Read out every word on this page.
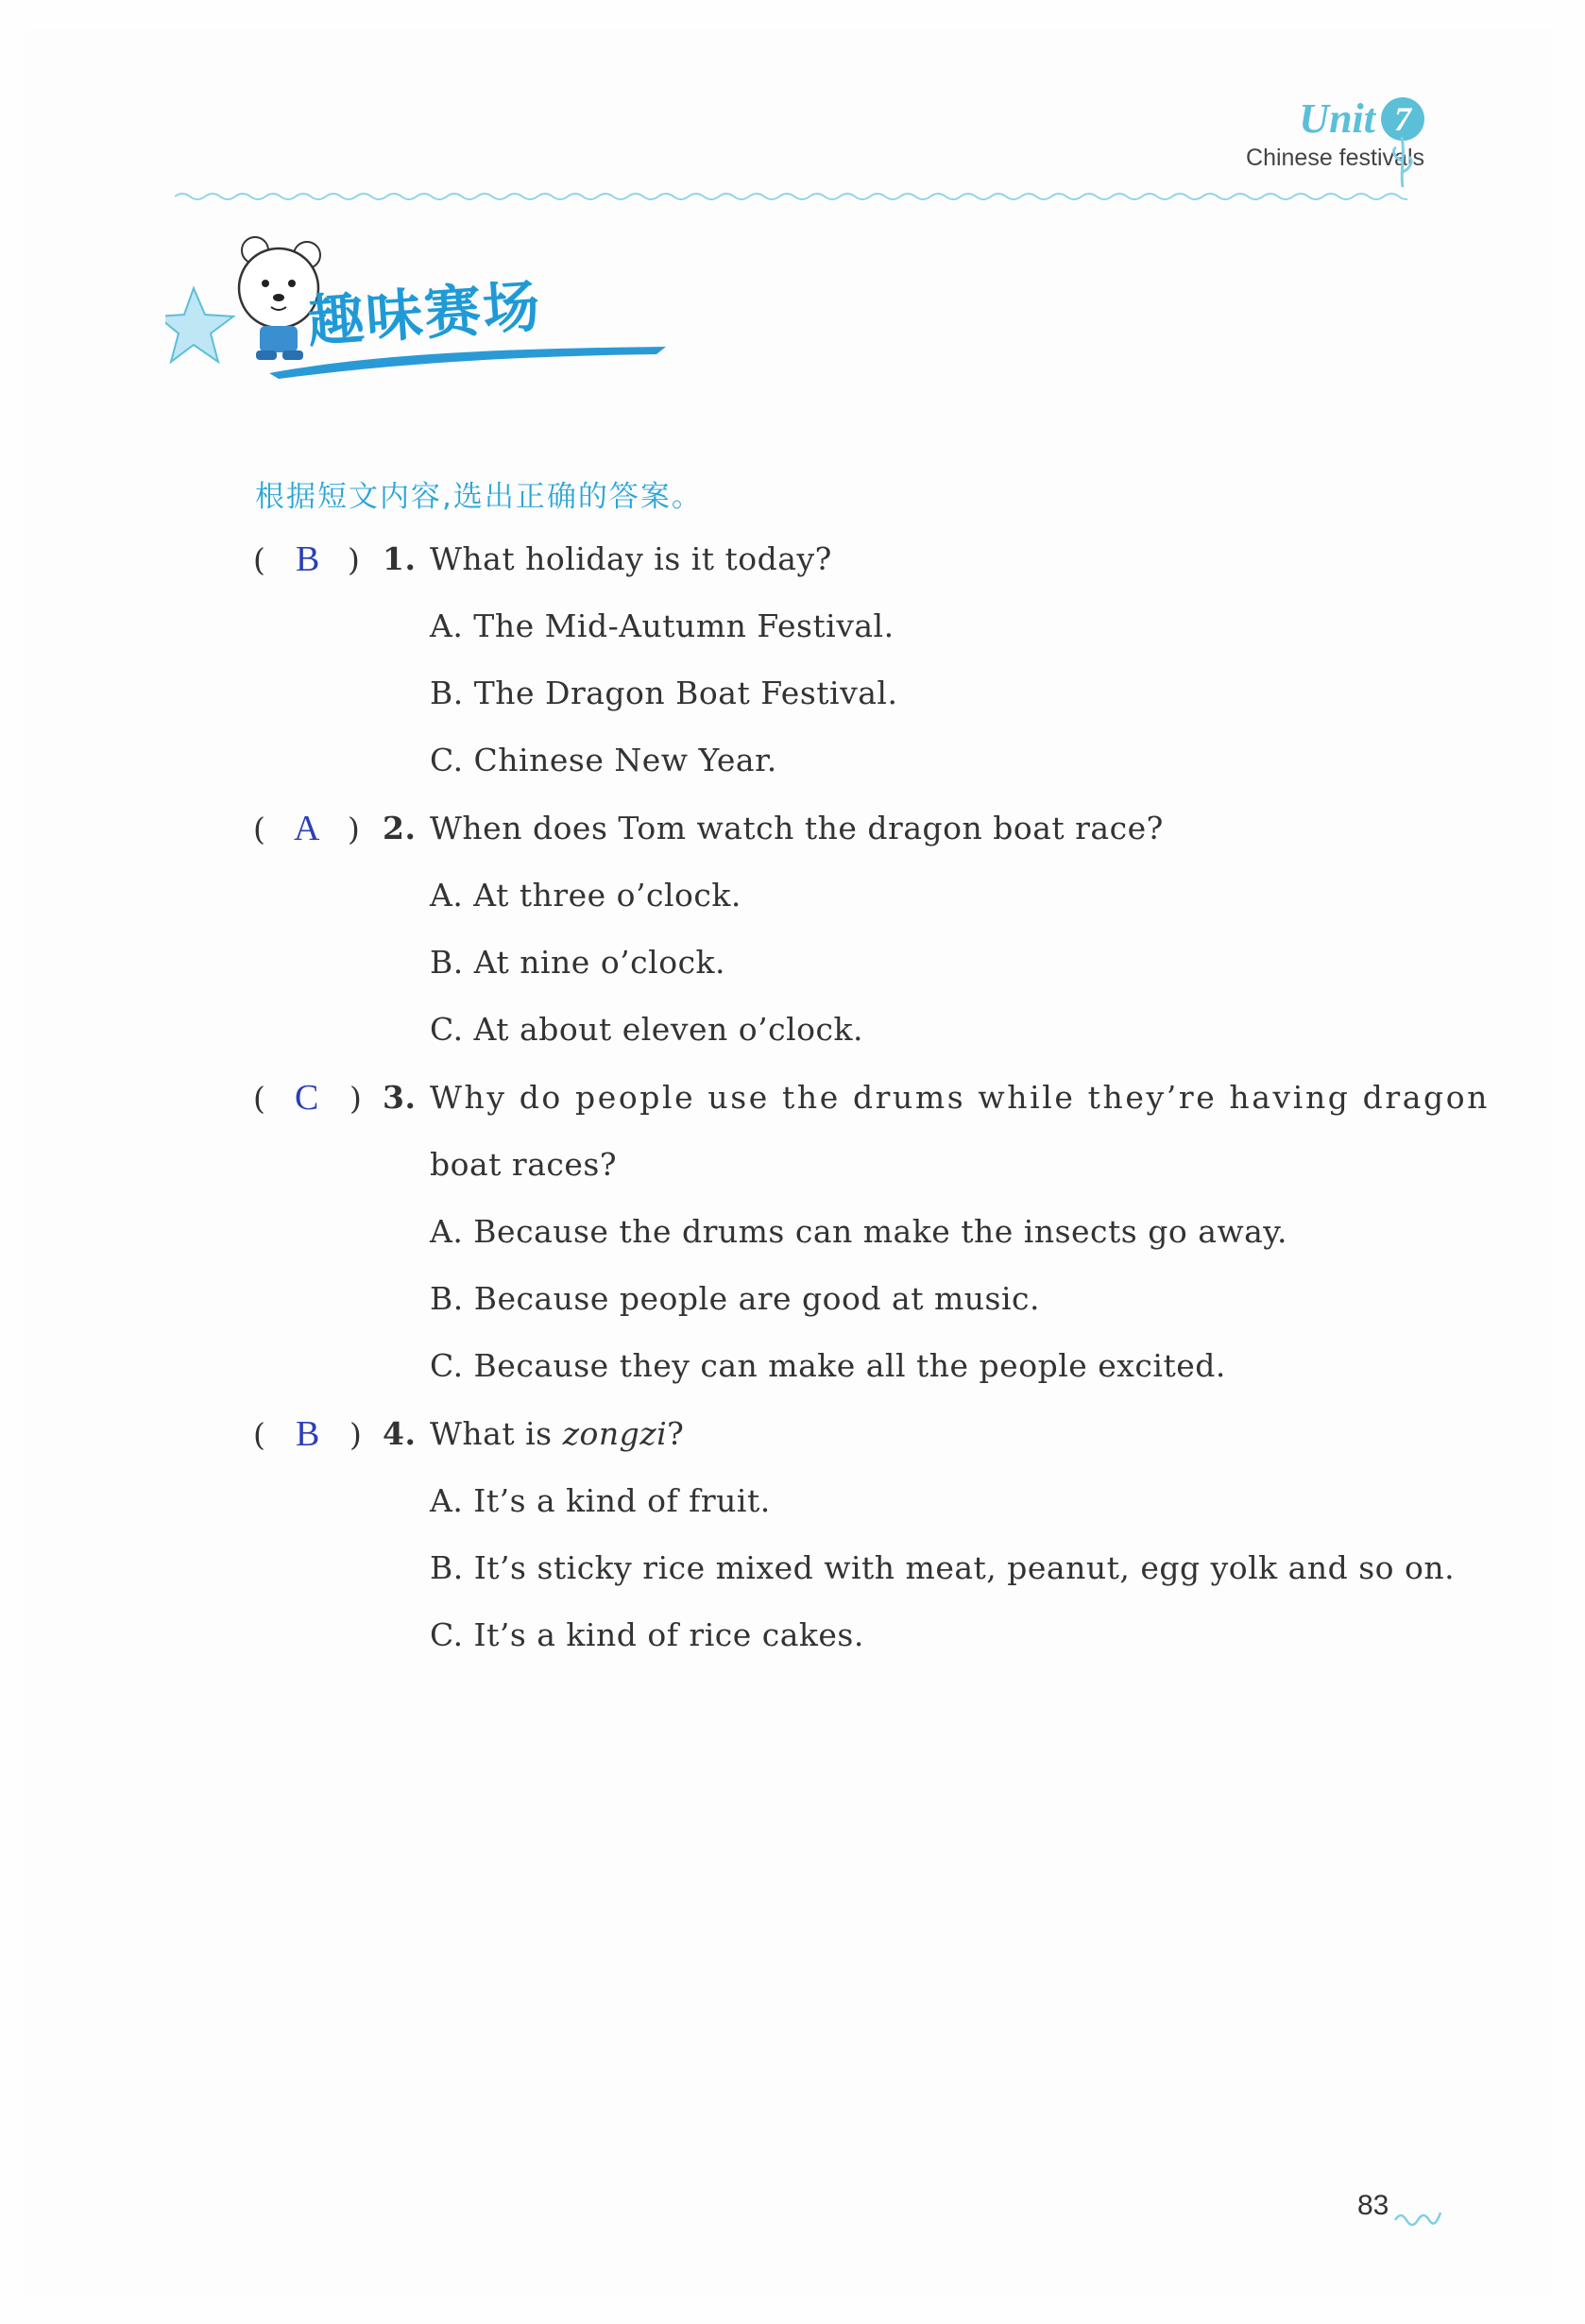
Unit 7
Chinese festivals
趣味赛场
根据短文内容,选出正确的答案。
( B ) 1. What holiday is it today?
A. The Mid-Autumn Festival.
B. The Dragon Boat Festival.
C. Chinese New Year.
( A ) 2. When does Tom watch the dragon boat race?
A. At three o’clock.
B. At nine o’clock.
C. At about eleven o’clock.
( C ) 3. Why do people use the drums while they’re having dragon
boat races?
A. Because the drums can make the insects go away.
B. Because people are good at music.
C. Because they can make all the people excited.
( B ) 4. What is zongzi?
A. It’s a kind of fruit.
B. It’s sticky rice mixed with meat, peanut, egg yolk and so on.
C. It’s a kind of rice cakes.
83
